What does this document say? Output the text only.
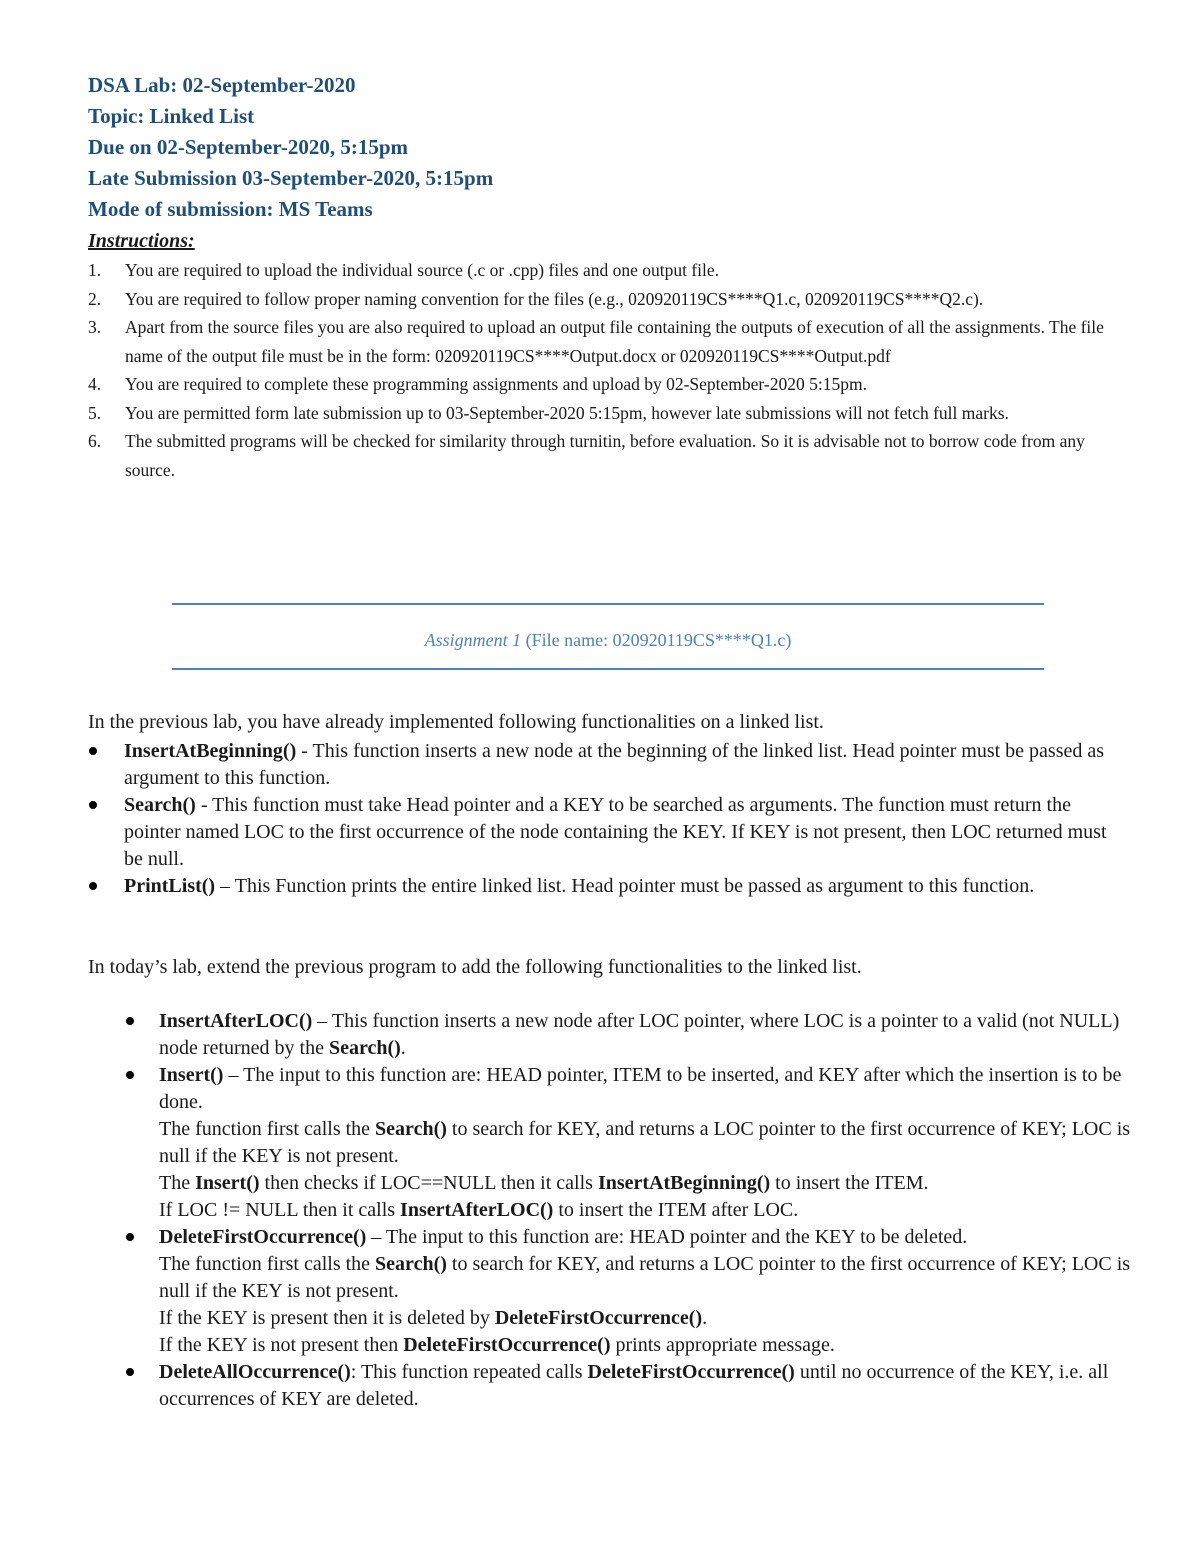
DSA Lab: 02-September-2020
Topic: Linked List
Due on 02-September-2020, 5:15pm
Late Submission 03-September-2020, 5:15pm
Mode of submission: MS Teams
Instructions:
1. You are required to upload the individual source (.c or .cpp) files and one output file.
2. You are required to follow proper naming convention for the files (e.g., 020920119CS****Q1.c, 020920119CS****Q2.c).
3. Apart from the source files you are also required to upload an output file containing the outputs of execution of all the assignments. The file name of the output file must be in the form: 020920119CS****Output.docx or 020920119CS****Output.pdf
4. You are required to complete these programming assignments and upload by 02-September-2020 5:15pm.
5. You are permitted form late submission up to 03-September-2020 5:15pm, however late submissions will not fetch full marks.
6. The submitted programs will be checked for similarity through turnitin, before evaluation. So it is advisable not to borrow code from any source.
Assignment 1 (File name: 020920119CS****Q1.c)
In the previous lab, you have already implemented following functionalities on a linked list.
InsertAtBeginning() - This function inserts a new node at the beginning of the linked list. Head pointer must be passed as argument to this function.
Search() - This function must take Head pointer and a KEY to be searched as arguments. The function must return the pointer named LOC to the first occurrence of the node containing the KEY. If KEY is not present, then LOC returned must be null.
PrintList() – This Function prints the entire linked list. Head pointer must be passed as argument to this function.
In today’s lab, extend the previous program to add the following functionalities to the linked list.
InsertAfterLOC() – This function inserts a new node after LOC pointer, where LOC is a pointer to a valid (not NULL) node returned by the Search().
Insert() – The input to this function are: HEAD pointer, ITEM to be inserted, and KEY after which the insertion is to be done.
The function first calls the Search() to search for KEY, and returns a LOC pointer to the first occurrence of KEY; LOC is null if the KEY is not present.
The Insert() then checks if LOC==NULL then it calls InsertAtBeginning() to insert the ITEM.
If LOC != NULL then it calls InsertAfterLOC() to insert the ITEM after LOC.
DeleteFirstOccurrence() – The input to this function are: HEAD pointer and the KEY to be deleted.
The function first calls the Search() to search for KEY, and returns a LOC pointer to the first occurrence of KEY; LOC is null if the KEY is not present.
If the KEY is present then it is deleted by DeleteFirstOccurrence().
If the KEY is not present then DeleteFirstOccurrence() prints appropriate message.
DeleteAllOccurrence(): This function repeated calls DeleteFirstOccurrence() until no occurrence of the KEY, i.e. all occurrences of KEY are deleted.
